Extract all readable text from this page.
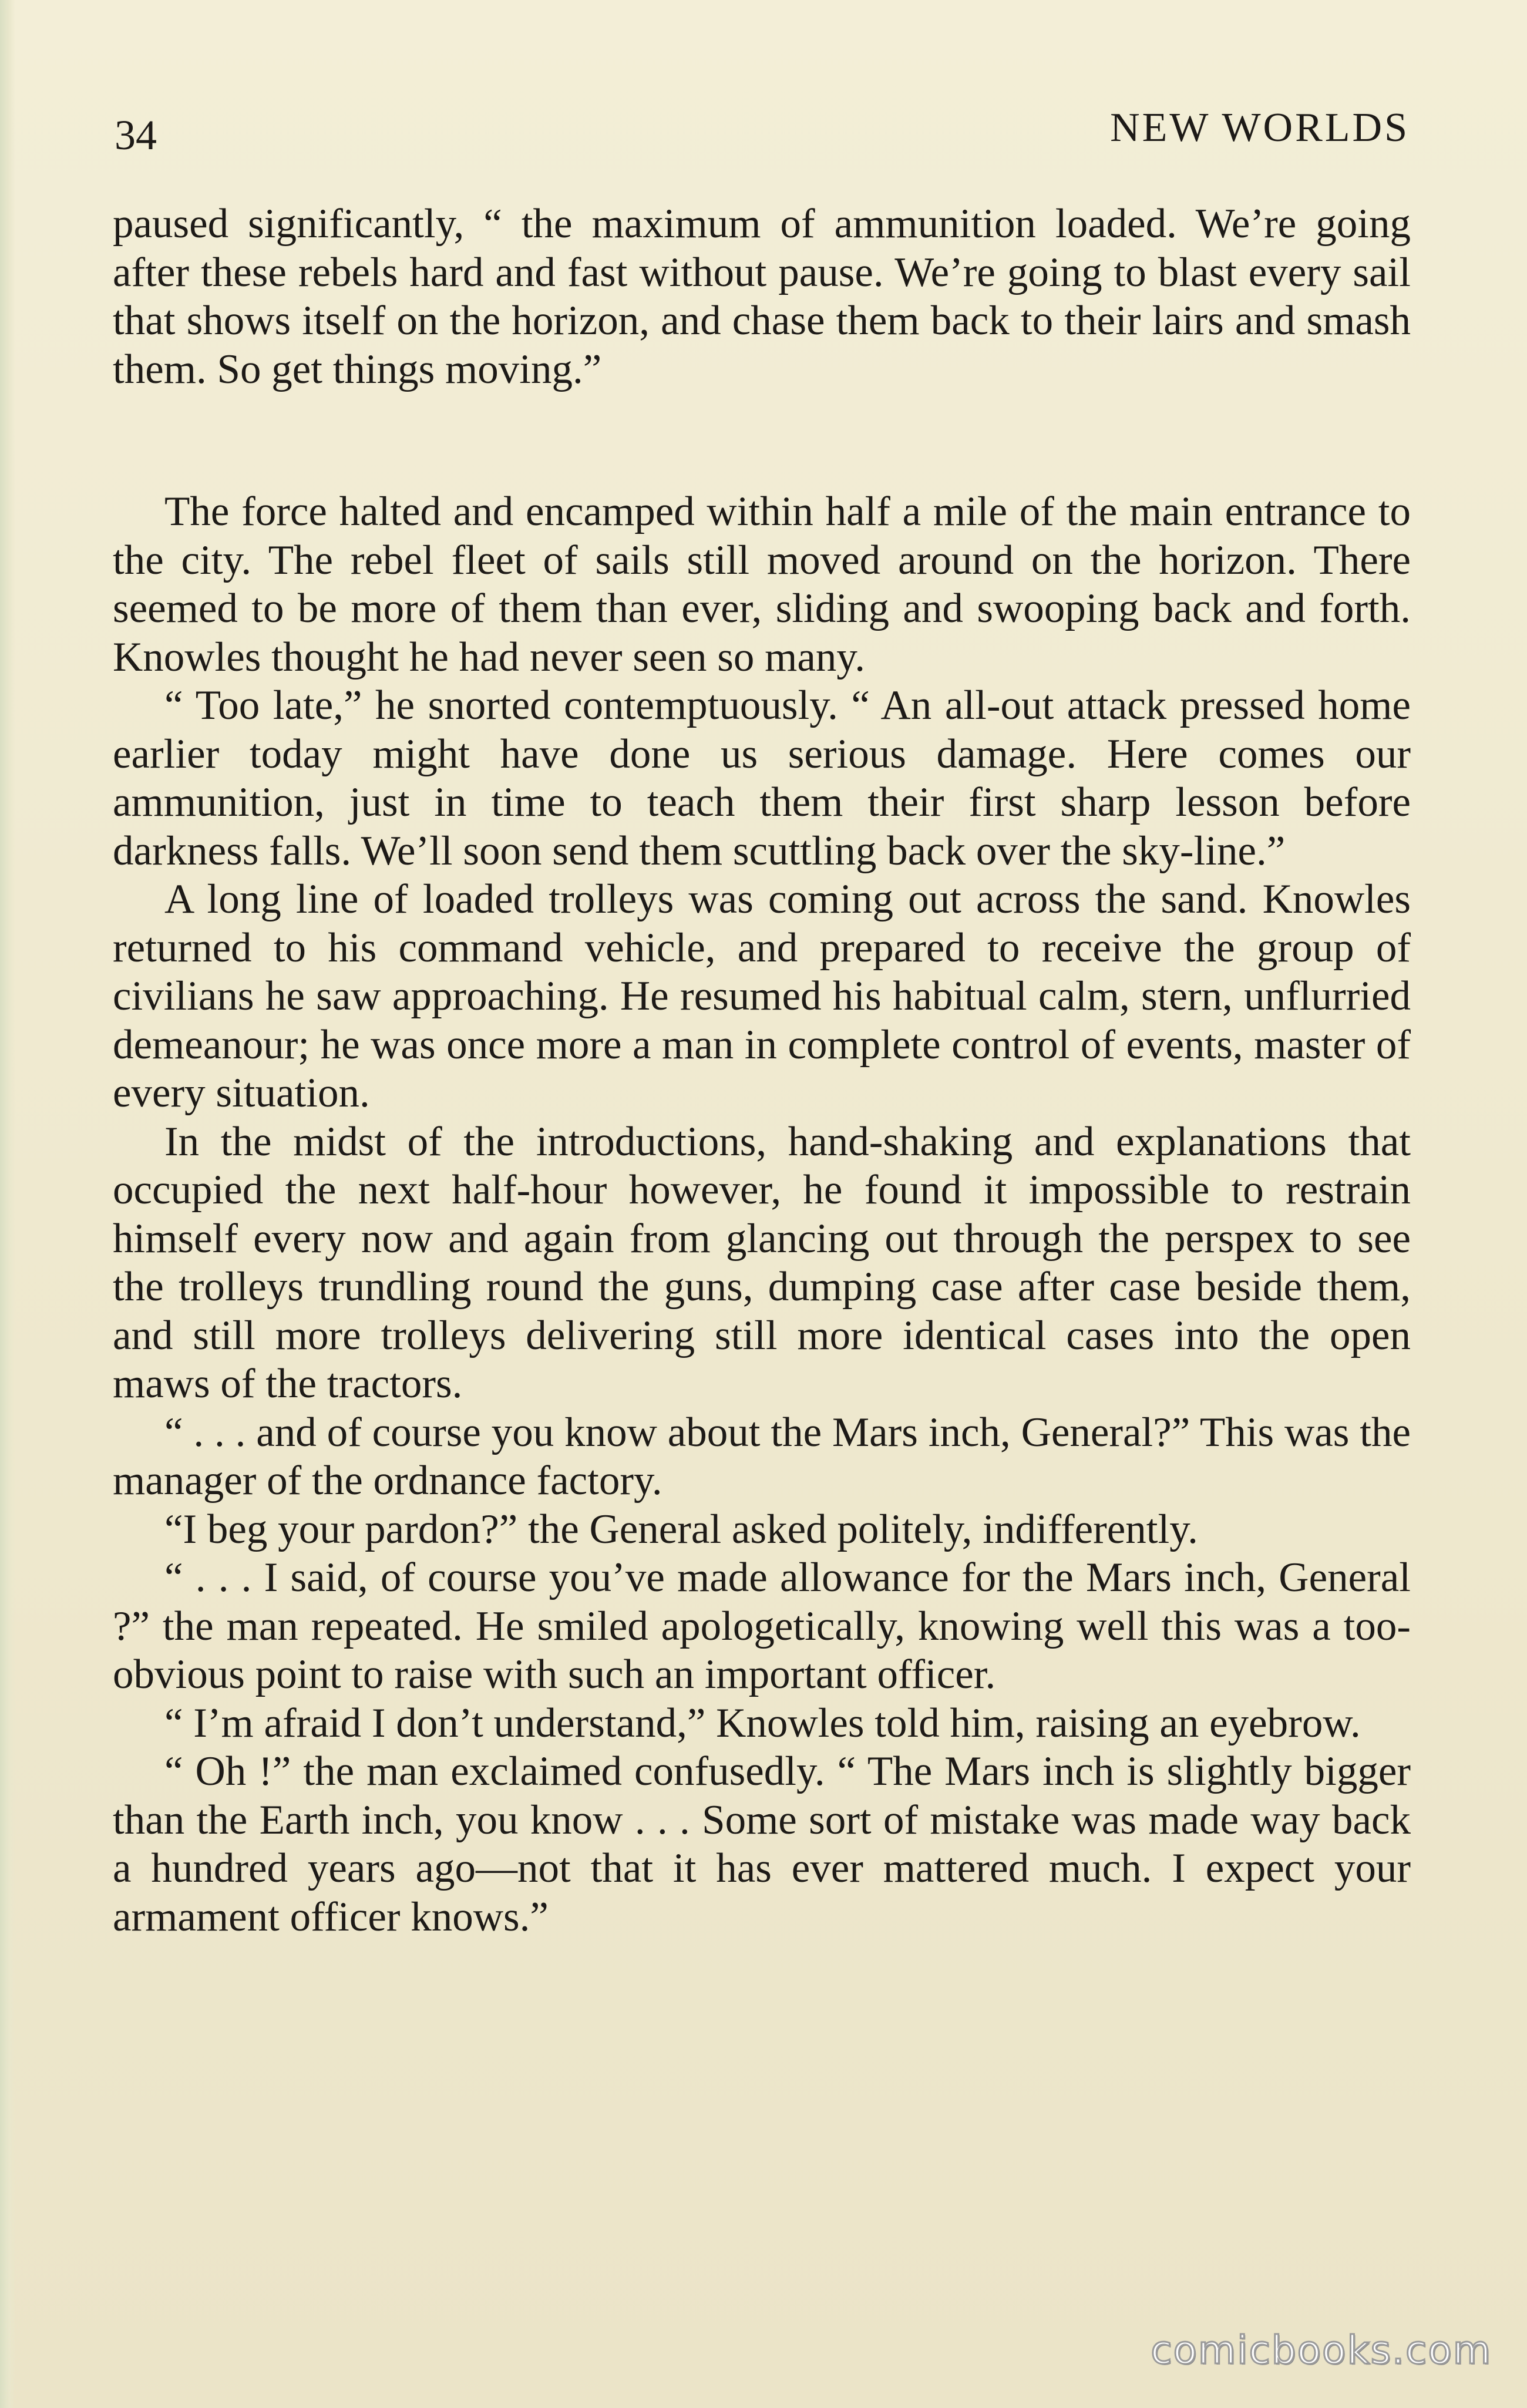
34	NEW WORLDS

paused significantly, “ the maximum of ammunition loaded. We’re going after these rebels hard and fast without pause. We’re going to blast every sail that shows itself on the horizon, and chase them back to their lairs and smash them. So get things moving.”

The force halted and encamped within half a mile of the main entrance to the city. The rebel fleet of sails still moved around on the horizon. There seemed to be more of them than ever, sliding and swooping back and forth. Knowles thought he had never seen so many.

“ Too late,” he snorted contemptuously. “ An all-out attack pressed home earlier today might have done us serious damage. Here comes our ammunition, just in time to teach them their first sharp lesson before darkness falls. We’ll soon send them scuttling back over the sky-line.”

A long line of loaded trolleys was coming out across the sand. Knowles returned to his command vehicle, and prepared to receive the group of civilians he saw approaching. He resumed his habitual calm, stern, unflurried demeanour; he was once more a man in complete control of events, master of every situation.

In the midst of the introductions, hand-shaking and explanations that occupied the next half-hour however, he found it impossible to restrain himself every now and again from glancing out through the perspex to see the trolleys trundling round the guns, dumping case after case beside them, and still more trolleys delivering still more identical cases into the open maws of the tractors.

“ . . . and of course you know about the Mars inch, General?” This was the manager of the ordnance factory.

“I beg your pardon?” the General asked politely, indifferently.

“ . . . I said, of course you’ve made allowance for the Mars inch, General ?” the man repeated. He smiled apologetically, knowing well this was a too-obvious point to raise with such an important officer.

“ I’m afraid I don’t understand,” Knowles told him, raising an eyebrow.

“ Oh !” the man exclaimed confusedly. “ The Mars inch is slightly bigger than the Earth inch, you know . . . Some sort of mistake was made way back a hundred years ago—not that it has ever mattered much. I expect your armament officer knows.”

comicbooks.com
